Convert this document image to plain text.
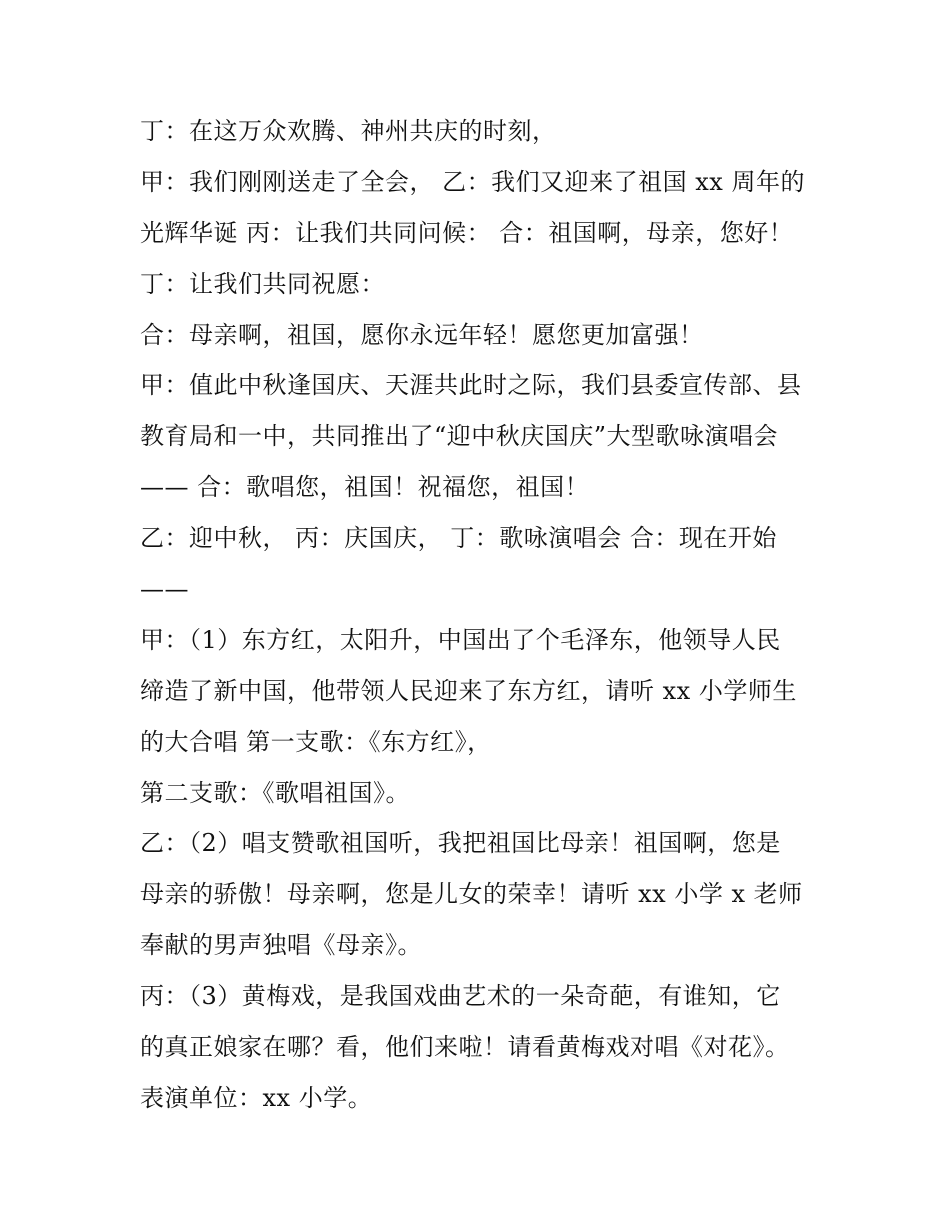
丁：在这万众欢腾、神州共庆的时刻，
甲：我们刚刚送走了全会， 乙：我们又迎来了祖国 xx 周年的
光辉华诞 丙：让我们共同问候： 合：祖国啊，母亲，您好！
丁：让我们共同祝愿：
合：母亲啊，祖国，愿你永远年轻！愿您更加富强！
甲：值此中秋逢国庆、天涯共此时之际，我们县委宣传部、县
教育局和一中，共同推出了“迎中秋庆国庆”大型歌咏演唱会
—— 合：歌唱您，祖国！祝福您，祖国！
乙：迎中秋， 丙：庆国庆， 丁：歌咏演唱会 合：现在开始
——
甲：（1）东方红，太阳升，中国出了个毛泽东，他领导人民
缔造了新中国，他带领人民迎来了东方红，请听 xx 小学师生
的大合唱 第一支歌：《东方红》，
第二支歌：《歌唱祖国》。
乙：（2）唱支赞歌祖国听，我把祖国比母亲！祖国啊，您是
母亲的骄傲！母亲啊，您是儿女的荣幸！请听 xx 小学 x 老师
奉献的男声独唱《母亲》。
丙：（3）黄梅戏，是我国戏曲艺术的一朵奇葩，有谁知，它
的真正娘家在哪？看，他们来啦！请看黄梅戏对唱《对花》。
表演单位：xx 小学。
